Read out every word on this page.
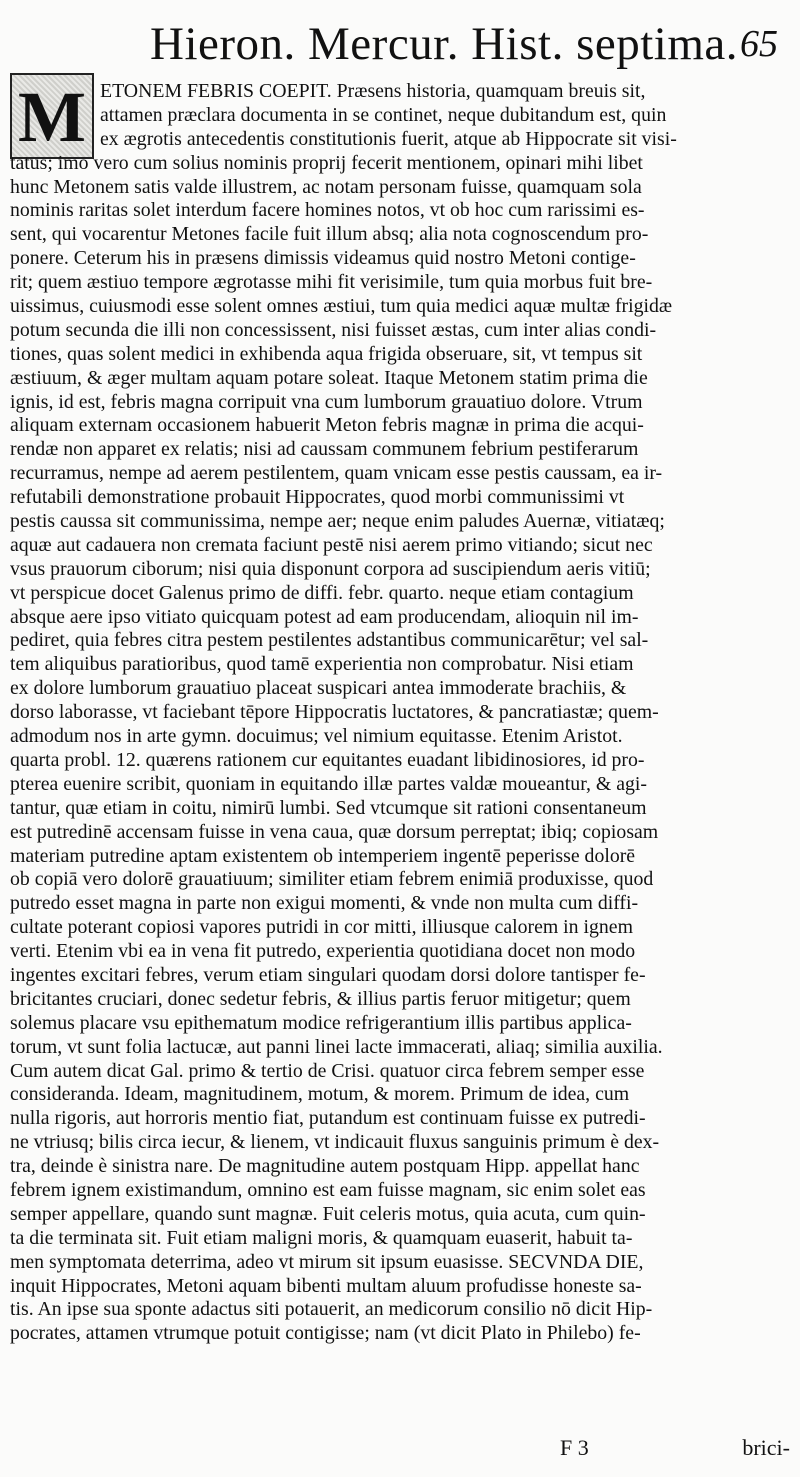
Hieron. Mercur. Hist. septima. 65
M ETONEM FEBRIS COEPIT. Præsens historia, quamquam breuis sit,
attamen præclara documenta in se continet, neque dubitandum est, quin
ex ægrotis antecedentis constitutionis fuerit, atque ab Hippocrate sit visi-
tatus; imo vero cum solius nominis proprij fecerit mentionem, opinari mihi libet
hunc Metonem satis valde illustrem, ac notam personam fuisse, quamquam sola
nominis raritas solet interdum facere homines notos, vt ob hoc cum rarissimi es-
sent, qui vocarentur Metones facile fuit illum absq; alia nota cognoscendum pro-
ponere. Ceterum his in præsens dimissis videamus quid nostro Metoni contige-
rit; quem æstiuo tempore ægrotasse mihi fit verisimile, tum quia morbus fuit bre-
uissimus, cuiusmodi esse solent omnes æstiui, tum quia medici aquæ multæ frigidæ
potum secunda die illi non concessissent, nisi fuisset æstas, cum inter alias condi-
tiones, quas solent medici in exhibenda aqua frigida obseruare, sit, vt tempus sit
æstiuum, & æger multam aquam potare soleat. Itaque Metonem statim prima die
ignis, id est, febris magna corripuit vna cum lumborum grauatiuo dolore. Vtrum
aliquam externam occasionem habuerit Meton febris magnæ in prima die acqui-
rendæ non apparet ex relatis; nisi ad caussam communem febrium pestiferarum
recurramus, nempe ad aerem pestilentem, quam vnicam esse pestis caussam, ea ir-
refutabili demonstratione probauit Hippocrates, quod morbi communissimi vt
pestis caussa sit communissima, nempe aer; neque enim paludes Auernæ, vitiatæq;
aquæ aut cadauera non cremata faciunt pestē nisi aerem primo vitiando; sicut nec
vsus prauorum ciborum; nisi quia disponunt corpora ad suscipiendum aeris vitiū;
vt perspicue docet Galenus primo de diffi. febr. quarto. neque etiam contagium
absque aere ipso vitiato quicquam potest ad eam producendam, alioquin nil im-
pediret, quia febres citra pestem pestilentes adstantibus communicarētur; vel sal-
tem aliquibus paratioribus, quod tamē experientia non comprobatur. Nisi etiam
ex dolore lumborum grauatiuo placeat suspicari antea immoderate brachiis, &
dorso laborasse, vt faciebant tēpore Hippocratis luctatores, & pancratiastæ; quem-
admodum nos in arte gymn. docuimus; vel nimium equitasse. Etenim Aristot.
quarta probl. 12. quærens rationem cur equitantes euadant libidinosiores, id pro-
pterea euenire scribit, quoniam in equitando illæ partes valdæ moueantur, & agi-
tantur, quæ etiam in coitu, nimirū lumbi. Sed vtcumque sit rationi consentaneum
est putredinē accensam fuisse in vena caua, quæ dorsum perreptat; ibiq; copiosam
materiam putredine aptam existentem ob intemperiem ingentē peperisse dolorē
ob copiā vero dolorē grauatiuum; similiter etiam febrem enimiā produxisse, quod
putredo esset magna in parte non exigui momenti, & vnde non multa cum diffi-
cultate poterant copiosi vapores putridi in cor mitti, illiusque calorem in ignem
verti. Etenim vbi ea in vena fit putredo, experientia quotidiana docet non modo
ingentes excitari febres, verum etiam singulari quodam dorsi dolore tantisper fe-
bricitantes cruciari, donec sedetur febris, & illius partis feruor mitigetur; quem
solemus placare vsu epithematum modice refrigerantium illis partibus applica-
torum, vt sunt folia lactucæ, aut panni linei lacte immacerati, aliaq; similia auxilia.
Cum autem dicat Gal. primo & tertio de Crisi. quatuor circa febrem semper esse
consideranda. Ideam, magnitudinem, motum, & morem. Primum de idea, cum
nulla rigoris, aut horroris mentio fiat, putandum est continuam fuisse ex putredi-
ne vtriusq; bilis circa iecur, & lienem, vt indicauit fluxus sanguinis primum è dex-
tra, deinde è sinistra nare. De magnitudine autem postquam Hipp. appellat hanc
febrem ignem existimandum, omnino est eam fuisse magnam, sic enim solet eas
semper appellare, quando sunt magnæ. Fuit celeris motus, quia acuta, cum quin-
ta die terminata sit. Fuit etiam maligni moris, & quamquam euaserit, habuit ta-
men symptomata deterrima, adeo vt mirum sit ipsum euasisse. SECVNDA DIE,
inquit Hippocrates, Metoni aquam bibenti multam aluum profudisse honeste sa-
tis. An ipse sua sponte adactus siti potauerit, an medicorum consilio nō dicit Hip-
pocrates, attamen vtrumque potuit contigisse; nam (vt dicit Plato in Philebo) fe-
F 3	brici-
